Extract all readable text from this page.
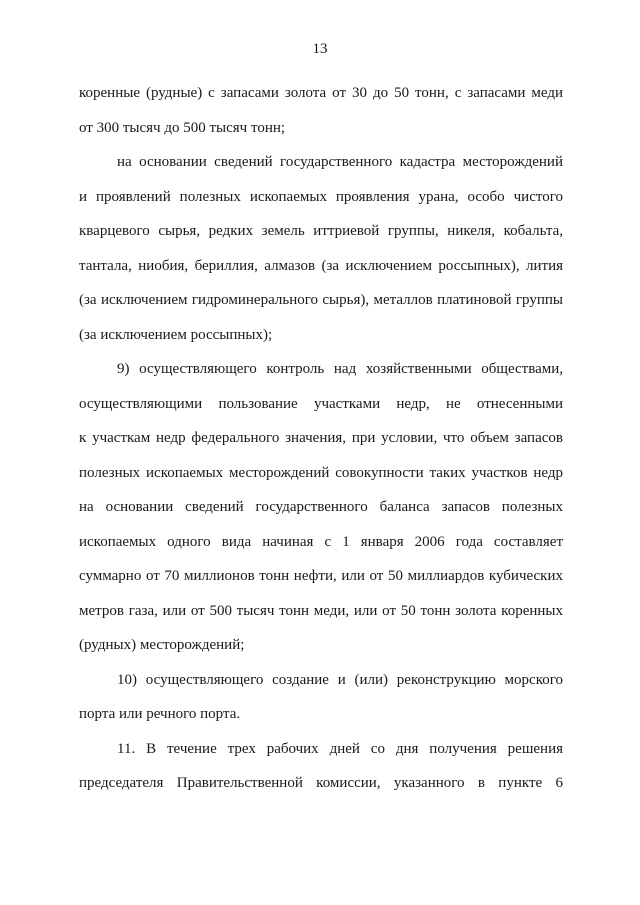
13
коренные (рудные) с запасами золота от 30 до 50 тонн, с запасами меди
от 300 тысяч до 500 тысяч тонн;
на основании сведений государственного кадастра месторождений
и проявлений полезных ископаемых проявления урана, особо чистого
кварцевого сырья, редких земель иттриевой группы, никеля, кобальта,
тантала, ниобия, бериллия, алмазов (за исключением россыпных), лития
(за исключением гидроминерального сырья), металлов платиновой группы
(за исключением россыпных);
9) осуществляющего контроль над хозяйственными обществами,
осуществляющими пользование участками недр, не отнесенными
к участкам недр федерального значения, при условии, что объем запасов
полезных ископаемых месторождений совокупности таких участков недр
на основании сведений государственного баланса запасов полезных
ископаемых одного вида начиная с 1 января 2006 года составляет
суммарно от 70 миллионов тонн нефти, или от 50 миллиардов кубических
метров газа, или от 500 тысяч тонн меди, или от 50 тонн золота коренных
(рудных) месторождений;
10) осуществляющего создание и (или) реконструкцию морского
порта или речного порта.
11. В течение трех рабочих дней со дня получения решения
председателя Правительственной комиссии, указанного в пункте 6
